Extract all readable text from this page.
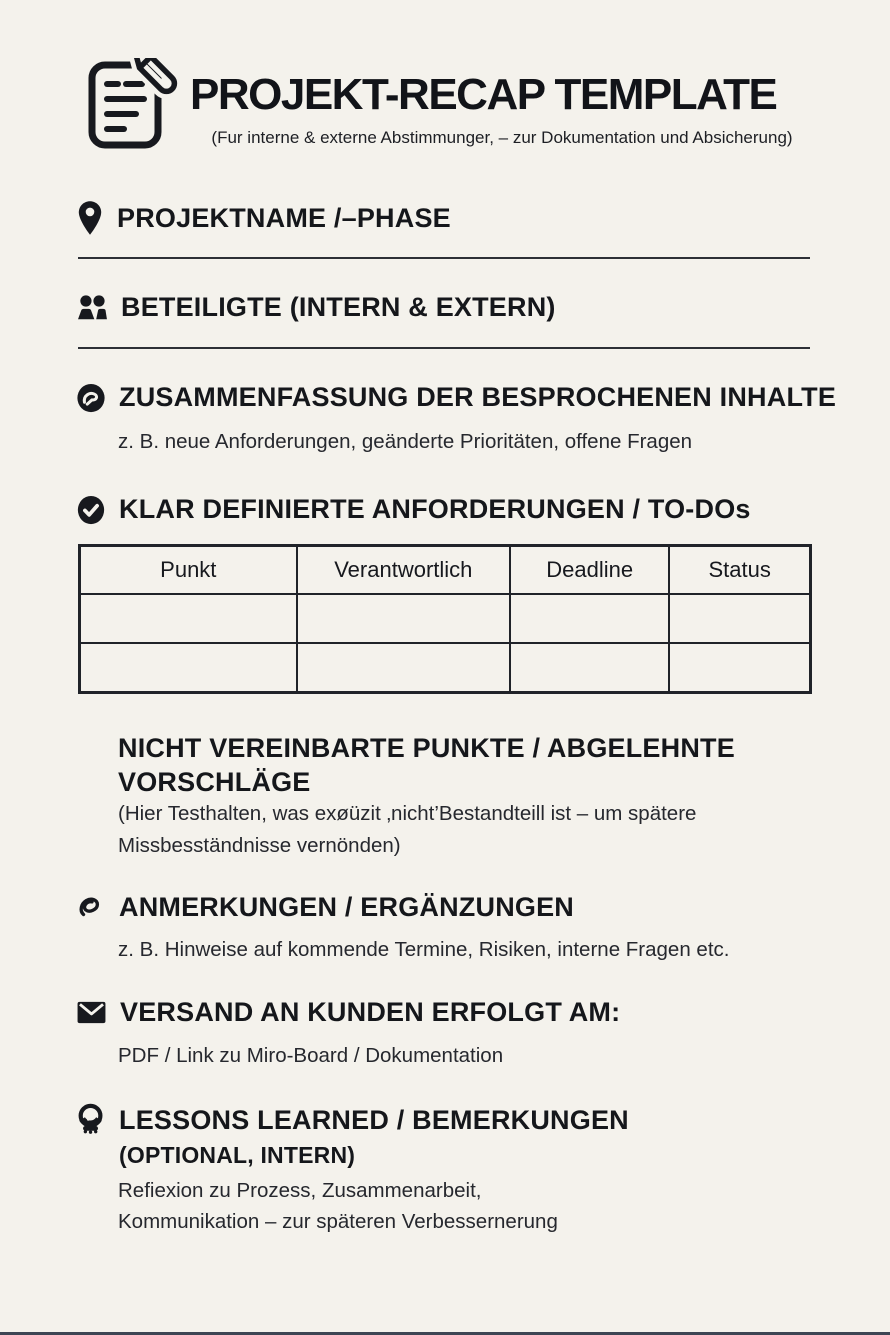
PROJEKT-RECAP TEMPLATE
(Fur interne & externe Abstimmunger, – zur Dokumentation und Absicherung)
PROJEKTNAME /–PHASE
BETEILIGTE (INTERN & EXTERN)
ZUSAMMENFASSUNG DER BESPROCHENEN INHALTE
z. B. neue Anforderungen, geänderte Prioritäten, offene Fragen
KLAR DEFINIERTE ANFORDERUNGEN / TO-DOs
Punkt	Verantwortlich	Deadline	Status

NICHT VEREINBARTE PUNKTE / ABGELEHNTE
VORSCHLÄGE
(Hier Testhalten, was exøüzit ‚nicht’Bestandteill ist – um spätere
Missbesständnisse vernönden)
ANMERKUNGEN / ERGÄNZUNGEN
z. B. Hinweise auf kommende Termine, Risiken, interne Fragen etc.
VERSAND AN KUNDEN ERFOLGT AM:
PDF / Link zu Miro-Board / Dokumentation
LESSONS LEARNED / BEMERKUNGEN
(OPTIONAL, INTERN)
Refiexion zu Prozess, Zusammenarbeit,
Kommunikation – zur späteren Verbessernerung
